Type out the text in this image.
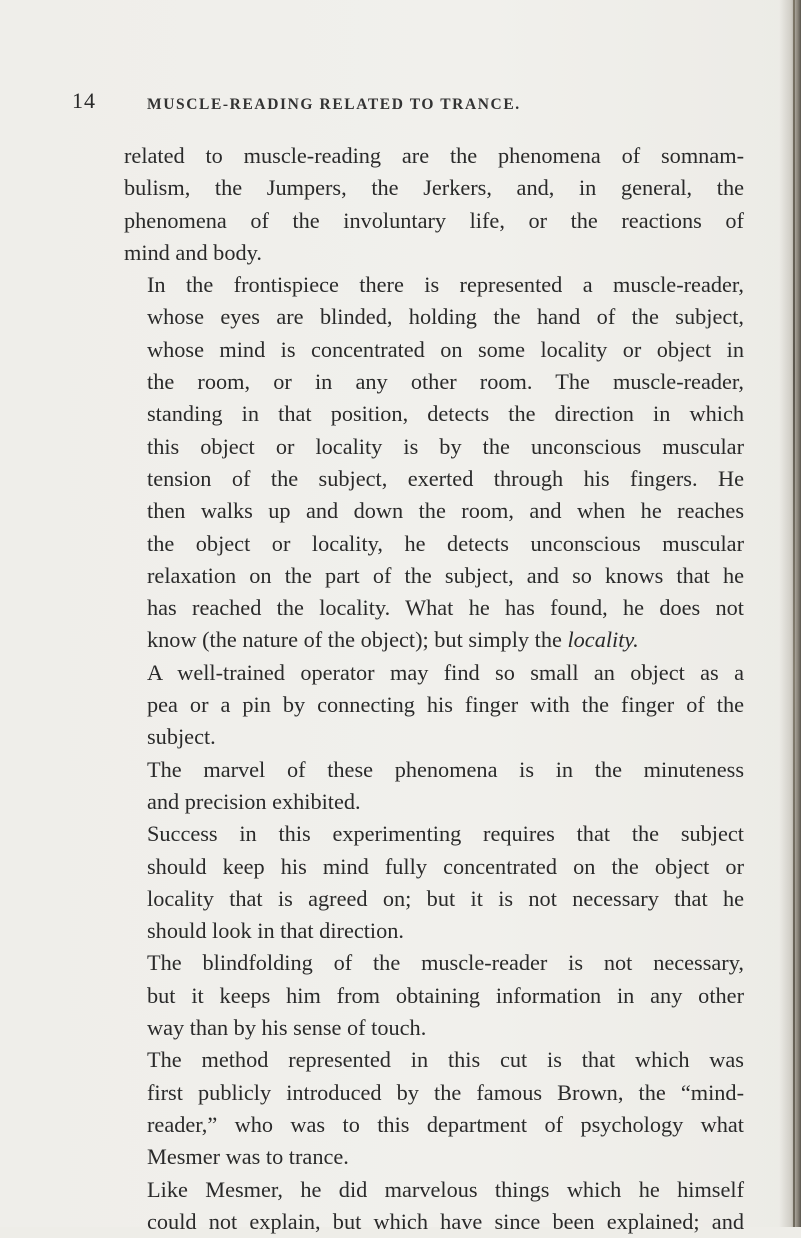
14	MUSCLE-READING RELATED TO TRANCE.
related to muscle-reading are the phenomena of somnam-
bulism, the Jumpers, the Jerkers, and, in general, the
phenomena of the involuntary life, or the reactions of
mind and body.
In the frontispiece there is represented a muscle-reader,
whose eyes are blinded, holding the hand of the subject,
whose mind is concentrated on some locality or object in
the room, or in any other room. The muscle-reader,
standing in that position, detects the direction in which
this object or locality is by the unconscious muscular
tension of the subject, exerted through his fingers. He
then walks up and down the room, and when he reaches
the object or locality, he detects unconscious muscular
relaxation on the part of the subject, and so knows that he
has reached the locality. What he has found, he does not
know (the nature of the object); but simply the locality.
A well-trained operator may find so small an object as a
pea or a pin by connecting his finger with the finger of the
subject.
The marvel of these phenomena is in the minuteness
and precision exhibited.
Success in this experimenting requires that the subject
should keep his mind fully concentrated on the object or
locality that is agreed on; but it is not necessary that he
should look in that direction.
The blindfolding of the muscle-reader is not necessary,
but it keeps him from obtaining information in any other
way than by his sense of touch.
The method represented in this cut is that which was
first publicly introduced by the famous Brown, the “mind-
reader,” who was to this department of psychology what
Mesmer was to trance.
Like Mesmer, he did marvelous things which he himself
could not explain, but which have since been explained; and
